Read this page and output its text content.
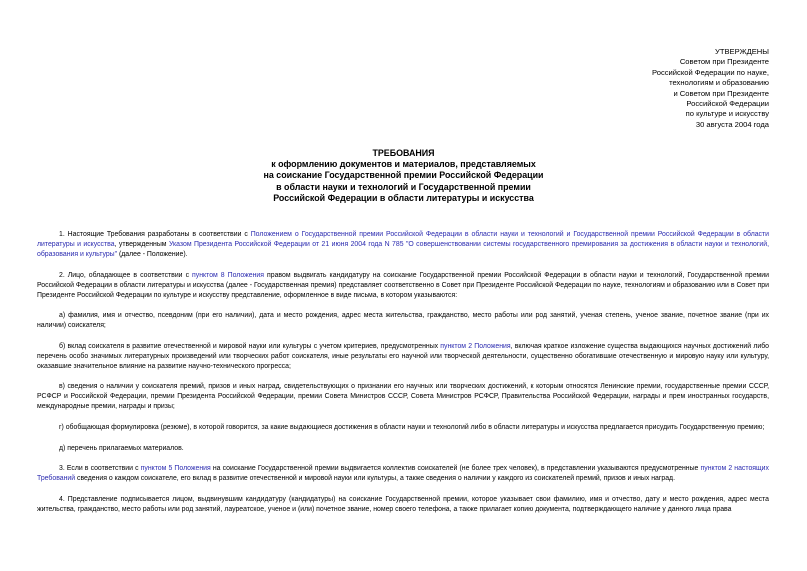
УТВЕРЖДЕНЫ
Советом при Президенте
Российской Федерации по науке,
технологиям и образованию
и Советом при Президенте
Российской Федерации
по культуре и искусству
30 августа 2004 года
ТРЕБОВАНИЯ
к оформлению документов и материалов, представляемых
на соискание Государственной премии Российской Федерации
в области науки и технологий и Государственной премии
Российской Федерации в области литературы и искусства

1. Настоящие Требования разработаны в соответствии с Положением о Государственной премии Российской Федерации в области науки и технологий и Государственной премии Российской Федерации в области литературы и искусства, утвержденным Указом Президента Российской Федерации от 21 июня 2004 года N 785 "О совершенствовании системы государственного премирования за достижения в области науки и технологий, образования и культуры" (далее - Положение).

2. Лицо, обладающее в соответствии с пунктом 8 Положения правом выдвигать кандидатуру на соискание Государственной премии Российской Федерации в области науки и технологий, Государственной премии Российской Федерации в области литературы и искусства (далее - Государственная премия) представляет соответственно в Совет при Президенте Российской Федерации по науке, технологиям и образованию или в Совет при Президенте Российской Федерации по культуре и искусству представление, оформленное в виде письма, в котором указываются:

а) фамилия, имя и отчество, псевдоним (при его наличии), дата и место рождения, адрес места жительства, гражданство, место работы или род занятий, ученая степень, ученое звание, почетное звание (при их наличии) соискателя;

б) вклад соискателя в развитие отечественной и мировой науки или культуры с учетом критериев, предусмотренных пунктом 2 Положения, включая краткое изложение существа выдающихся научных достижений либо перечень особо значимых литературных произведений или творческих работ соискателя, иные результаты его научной или творческой деятельности, существенно обогатившие отечественную и мировую науку или культуру, оказавшие значительное влияние на развитие научно-технического прогресса;

в) сведения о наличии у соискателя премий, призов и иных наград, свидетельствующих о признании его научных или творческих достижений, к которым относятся Ленинские премии, государственные премии СССР, РСФСР и Российской Федерации, премии Президента Российской Федерации, премии Совета Министров СССР, Совета Министров РСФСР, Правительства Российской Федерации, награды и прем иностранных государств, международные премии, награды и призы;

г) обобщающая формулировка (резюме), в которой говорится, за какие выдающиеся достижения в области науки и технологий либо в области литературы и искусства предлагается присудить Государственную премию;

д) перечень прилагаемых материалов.

3. Если в соответствии с пунктом 5 Положения на соискание Государственной премии выдвигается коллектив соискателей (не более трех человек), в представлении указываются предусмотренные пунктом 2 настоящих Требований сведения о каждом соискателе, его вклад в развитие отечественной и мировой науки или культуры, а также сведения о наличии у каждого из соискателей премий, призов и иных наград.

4. Представление подписывается лицом, выдвинувшим кандидатуру (кандидатуры) на соискание Государственной премии, которое указывает свои фамилию, имя и отчество, дату и место рождения, адрес места жительства, гражданство, место работы или род занятий, лауреатское, ученое и (или) почетное звание, номер своего телефона, а также прилагает копию документа, подтверждающего наличие у данного лица права
